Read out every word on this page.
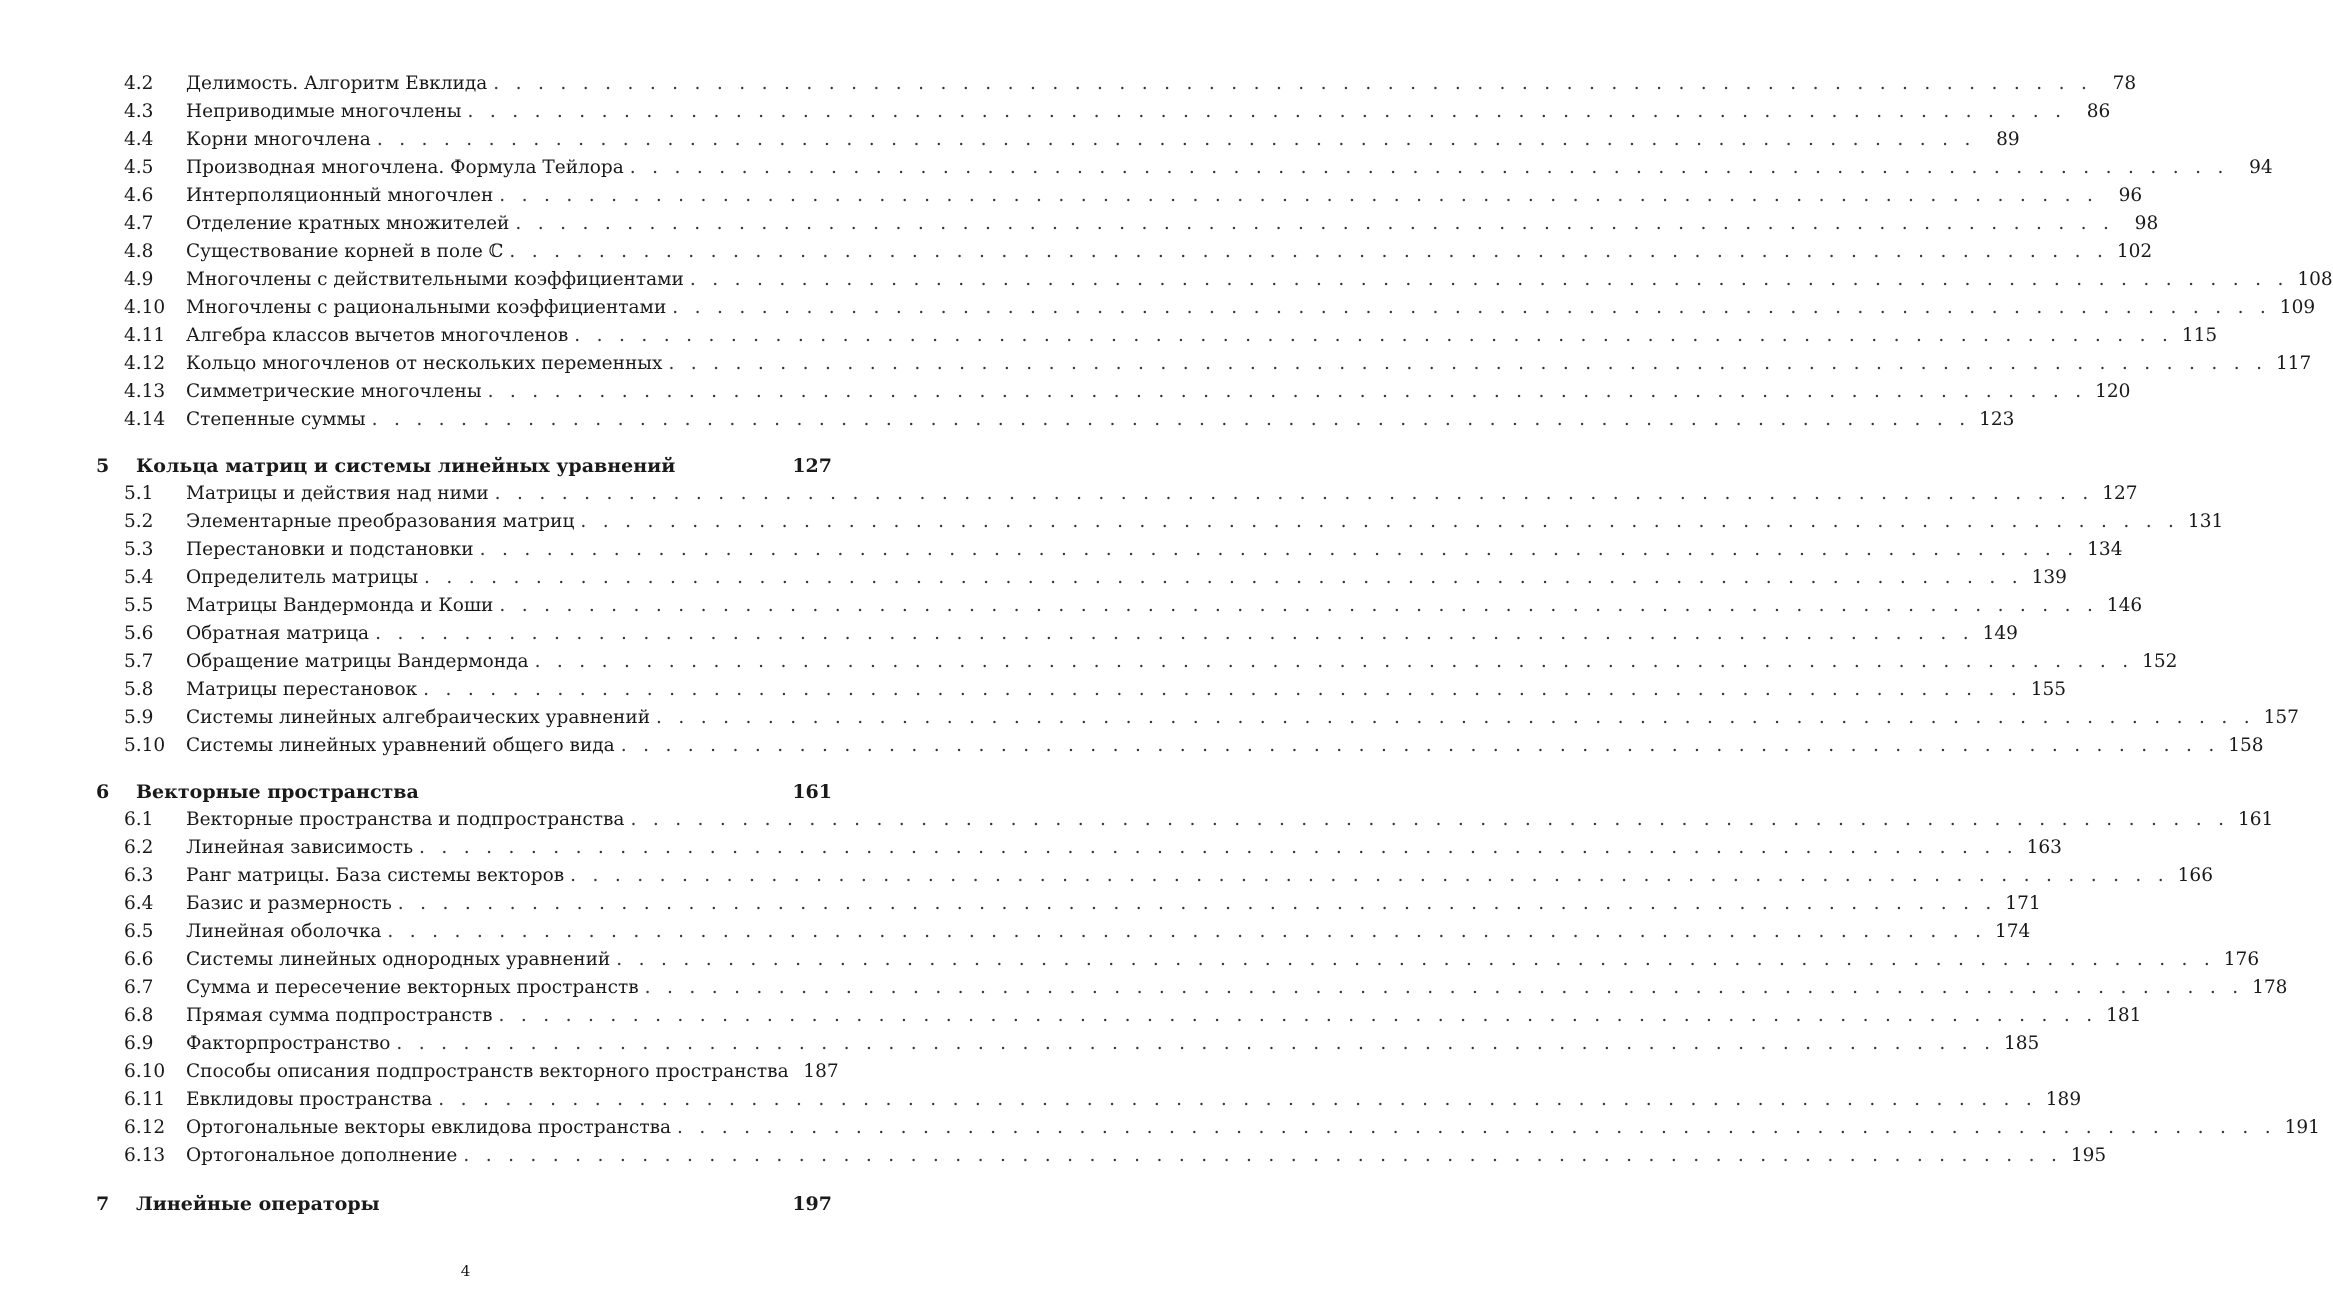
4.2	Делимость. Алгоритм Евклида . . . . . . . . . . . . . . . . . . . . . . . . . . . . . . . . . . . . . . . . . . . . . . . . . . . . . . . . . . . . . . . . . . . . . . . .	78
4.3	Неприводимые многочлены . . . . . . . . . . . . . . . . . . . . . . . . . . . . . . . . . . . . . . . . . . . . . . . . . . . . . . . . . . . . . . . . . . . . . . . .	86
4.4	Корни многочлена . . . . . . . . . . . . . . . . . . . . . . . . . . . . . . . . . . . . . . . . . . . . . . . . . . . . . . . . . . . . . . . . . . . . . . . .	89
4.5	Производная многочлена. Формула Тейлора . . . . . . . . . . . . . . . . . . . . . . . . . . . . . . . . . . . . . . . . . . . . . . . . . . . . . . . . . . . . . . . . . . . . . . . .	94
4.6	Интерполяционный многочлен . . . . . . . . . . . . . . . . . . . . . . . . . . . . . . . . . . . . . . . . . . . . . . . . . . . . . . . . . . . . . . . . . . . . . . . .	96
4.7	Отделение кратных множителей . . . . . . . . . . . . . . . . . . . . . . . . . . . . . . . . . . . . . . . . . . . . . . . . . . . . . . . . . . . . . . . . . . . . . . . .	98
4.8	Существование корней в поле ℂ . . . . . . . . . . . . . . . . . . . . . . . . . . . . . . . . . . . . . . . . . . . . . . . . . . . . . . . . . . . . . . . . . . . . . . . . 102
4.9	Многочлены с действительными коэффициентами . . . . . . . . . . . . . . . . . . . . . . . . . . . . . . . . . . . . . . . . . . . . . . . . . . . . . . . . . . . . . . . . . . . . . . . . 108
4.10	Многочлены с рациональными коэффициентами . . . . . . . . . . . . . . . . . . . . . . . . . . . . . . . . . . . . . . . . . . . . . . . . . . . . . . . . . . . . . . . . . . . . . . . . 109
4.11	Алгебра классов вычетов многочленов . . . . . . . . . . . . . . . . . . . . . . . . . . . . . . . . . . . . . . . . . . . . . . . . . . . . . . . . . . . . . . . . . . . . . . . . 115
4.12	Кольцо многочленов от нескольких переменных . . . . . . . . . . . . . . . . . . . . . . . . . . . . . . . . . . . . . . . . . . . . . . . . . . . . . . . . . . . . . . . . . . . . . . . . 117
4.13	Симметрические многочлены . . . . . . . . . . . . . . . . . . . . . . . . . . . . . . . . . . . . . . . . . . . . . . . . . . . . . . . . . . . . . . . . . . . . . . . . 120
4.14	Степенные суммы . . . . . . . . . . . . . . . . . . . . . . . . . . . . . . . . . . . . . . . . . . . . . . . . . . . . . . . . . . . . . . . . . . . . . . . . 123
5	Кольца матриц и системы линейных уравнений	127
5.1	Матрицы и действия над ними . . . . . . . . . . . . . . . . . . . . . . . . . . . . . . . . . . . . . . . . . . . . . . . . . . . . . . . . . . . . . . . . . . . . . . . . 127
5.2	Элементарные преобразования матриц . . . . . . . . . . . . . . . . . . . . . . . . . . . . . . . . . . . . . . . . . . . . . . . . . . . . . . . . . . . . . . . . . . . . . . . . 131
5.3	Перестановки и подстановки . . . . . . . . . . . . . . . . . . . . . . . . . . . . . . . . . . . . . . . . . . . . . . . . . . . . . . . . . . . . . . . . . . . . . . . . 134
5.4	Определитель матрицы . . . . . . . . . . . . . . . . . . . . . . . . . . . . . . . . . . . . . . . . . . . . . . . . . . . . . . . . . . . . . . . . . . . . . . . . 139
5.5	Матрицы Вандермонда и Коши . . . . . . . . . . . . . . . . . . . . . . . . . . . . . . . . . . . . . . . . . . . . . . . . . . . . . . . . . . . . . . . . . . . . . . . . 146
5.6	Обратная матрица . . . . . . . . . . . . . . . . . . . . . . . . . . . . . . . . . . . . . . . . . . . . . . . . . . . . . . . . . . . . . . . . . . . . . . . . 149
5.7	Обращение матрицы Вандермонда . . . . . . . . . . . . . . . . . . . . . . . . . . . . . . . . . . . . . . . . . . . . . . . . . . . . . . . . . . . . . . . . . . . . . . . . 152
5.8	Матрицы перестановок . . . . . . . . . . . . . . . . . . . . . . . . . . . . . . . . . . . . . . . . . . . . . . . . . . . . . . . . . . . . . . . . . . . . . . . . 155
5.9	Системы линейных алгебраических уравнений . . . . . . . . . . . . . . . . . . . . . . . . . . . . . . . . . . . . . . . . . . . . . . . . . . . . . . . . . . . . . . . . . . . . . . . . 157
5.10	Системы линейных уравнений общего вида . . . . . . . . . . . . . . . . . . . . . . . . . . . . . . . . . . . . . . . . . . . . . . . . . . . . . . . . . . . . . . . . . . . . . . . . 158
6	Векторные пространства	161
6.1	Векторные пространства и подпространства . . . . . . . . . . . . . . . . . . . . . . . . . . . . . . . . . . . . . . . . . . . . . . . . . . . . . . . . . . . . . . . . . . . . . . . . 161
6.2	Линейная зависимость . . . . . . . . . . . . . . . . . . . . . . . . . . . . . . . . . . . . . . . . . . . . . . . . . . . . . . . . . . . . . . . . . . . . . . . . 163
6.3	Ранг матрицы. База системы векторов . . . . . . . . . . . . . . . . . . . . . . . . . . . . . . . . . . . . . . . . . . . . . . . . . . . . . . . . . . . . . . . . . . . . . . . . 166
6.4	Базис и размерность . . . . . . . . . . . . . . . . . . . . . . . . . . . . . . . . . . . . . . . . . . . . . . . . . . . . . . . . . . . . . . . . . . . . . . . . 171
6.5	Линейная оболочка . . . . . . . . . . . . . . . . . . . . . . . . . . . . . . . . . . . . . . . . . . . . . . . . . . . . . . . . . . . . . . . . . . . . . . . . 174
6.6	Системы линейных однородных уравнений . . . . . . . . . . . . . . . . . . . . . . . . . . . . . . . . . . . . . . . . . . . . . . . . . . . . . . . . . . . . . . . . . . . . . . . . 176
6.7	Сумма и пересечение векторных пространств . . . . . . . . . . . . . . . . . . . . . . . . . . . . . . . . . . . . . . . . . . . . . . . . . . . . . . . . . . . . . . . . . . . . . . . . 178
6.8	Прямая сумма подпространств . . . . . . . . . . . . . . . . . . . . . . . . . . . . . . . . . . . . . . . . . . . . . . . . . . . . . . . . . . . . . . . . . . . . . . . . 181
6.9	Факторпространство . . . . . . . . . . . . . . . . . . . . . . . . . . . . . . . . . . . . . . . . . . . . . . . . . . . . . . . . . . . . . . . . . . . . . . . . 185
6.10	Способы описания подпространств векторного пространства 187
6.11	Евклидовы пространства . . . . . . . . . . . . . . . . . . . . . . . . . . . . . . . . . . . . . . . . . . . . . . . . . . . . . . . . . . . . . . . . . . . . . . . . 189
6.12	Ортогональные векторы евклидова пространства . . . . . . . . . . . . . . . . . . . . . . . . . . . . . . . . . . . . . . . . . . . . . . . . . . . . . . . . . . . . . . . . . . . . . . . . 191
6.13	Ортогональное дополнение . . . . . . . . . . . . . . . . . . . . . . . . . . . . . . . . . . . . . . . . . . . . . . . . . . . . . . . . . . . . . . . . . . . . . . . . 195
7	Линейные операторы	197
4
